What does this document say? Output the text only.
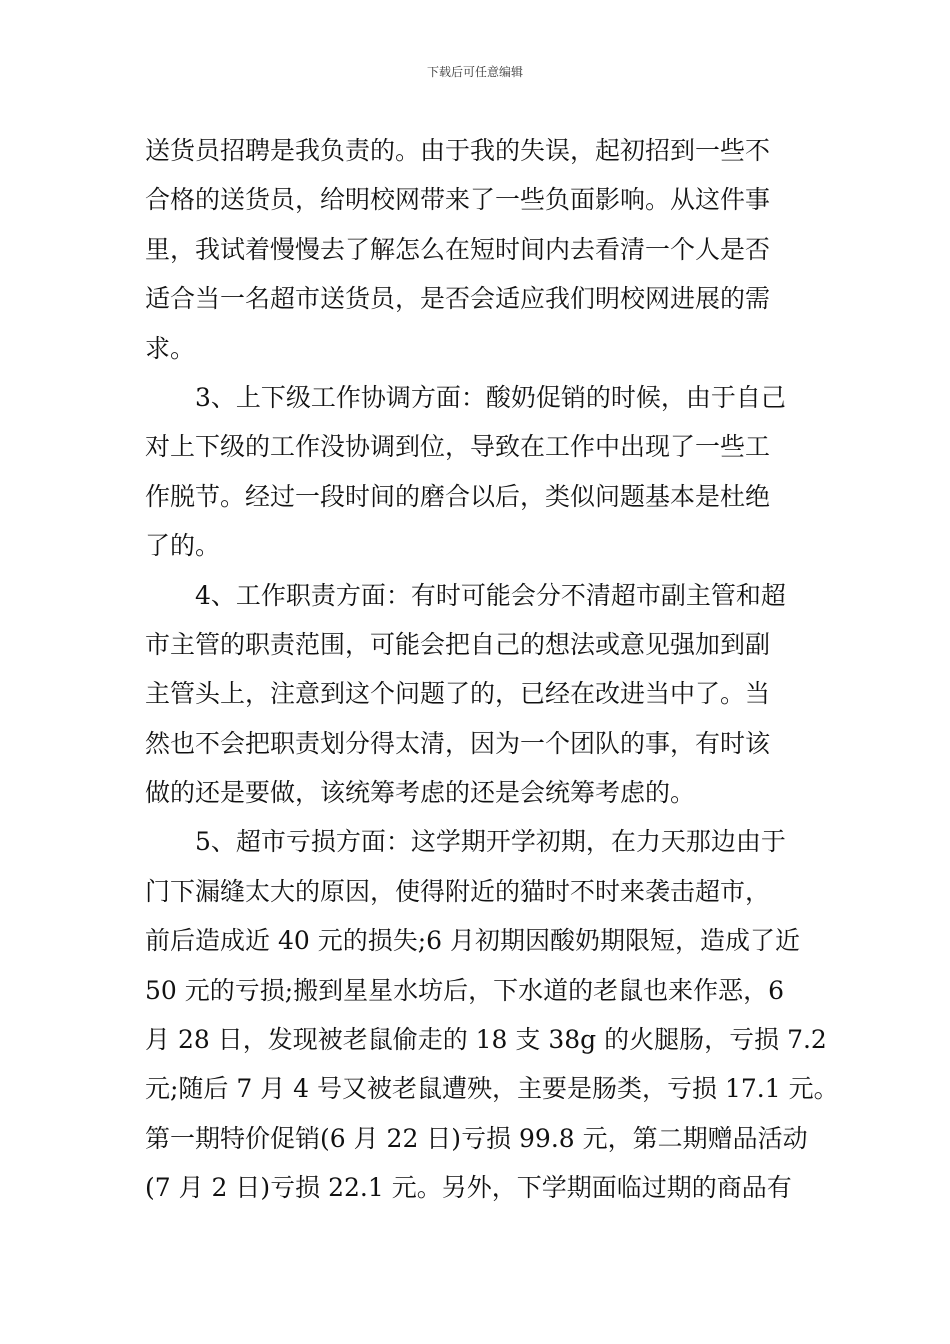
下载后可任意编辑
送货员招聘是我负责的。由于我的失误，起初招到一些不
合格的送货员，给明校网带来了一些负面影响。从这件事
里，我试着慢慢去了解怎么在短时间内去看清一个人是否
适合当一名超市送货员，是否会适应我们明校网进展的需
求。
3、上下级工作协调方面：酸奶促销的时候，由于自己
对上下级的工作没协调到位，导致在工作中出现了一些工
作脱节。经过一段时间的磨合以后，类似问题基本是杜绝
了的。
4、工作职责方面：有时可能会分不清超市副主管和超
市主管的职责范围，可能会把自己的想法或意见强加到副
主管头上，注意到这个问题了的，已经在改进当中了。当
然也不会把职责划分得太清，因为一个团队的事，有时该
做的还是要做，该统筹考虑的还是会统筹考虑的。
5、超市亏损方面：这学期开学初期，在力天那边由于
门下漏缝太大的原因，使得附近的猫时不时来袭击超市，
前后造成近 40 元的损失;6 月初期因酸奶期限短，造成了近
50 元的亏损;搬到星星水坊后，下水道的老鼠也来作恶，6
月 28 日，发现被老鼠偷走的 18 支 38g 的火腿肠，亏损 7.2
元;随后 7 月 4 号又被老鼠遭殃，主要是肠类，亏损 17.1 元。
第一期特价促销(6 月 22 日)亏损 99.8 元，第二期赠品活动
(7 月 2 日)亏损 22.1 元。另外，下学期面临过期的商品有
